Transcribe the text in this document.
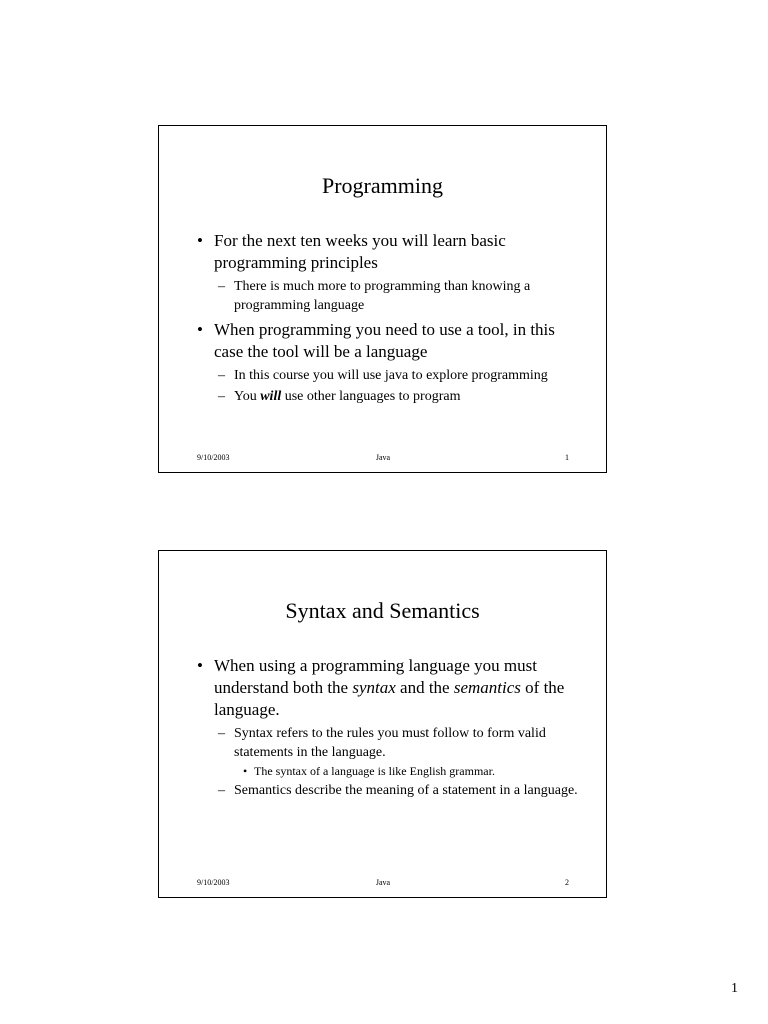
Programming
• For the next ten weeks you will learn basic programming principles
– There is much more to programming than knowing a programming language
• When programming you need to use a tool, in this case the tool will be a language
– In this course you will use java to explore programming
– You will use other languages to program
9/10/2003	Java	1
Syntax and Semantics
• When using a programming language you must understand both the syntax and the semantics of the language.
– Syntax refers to the rules you must follow to form valid statements in the language.
• The syntax of a language is like English grammar.
– Semantics describe the meaning of a statement in a language.
9/10/2003	Java	2
1
